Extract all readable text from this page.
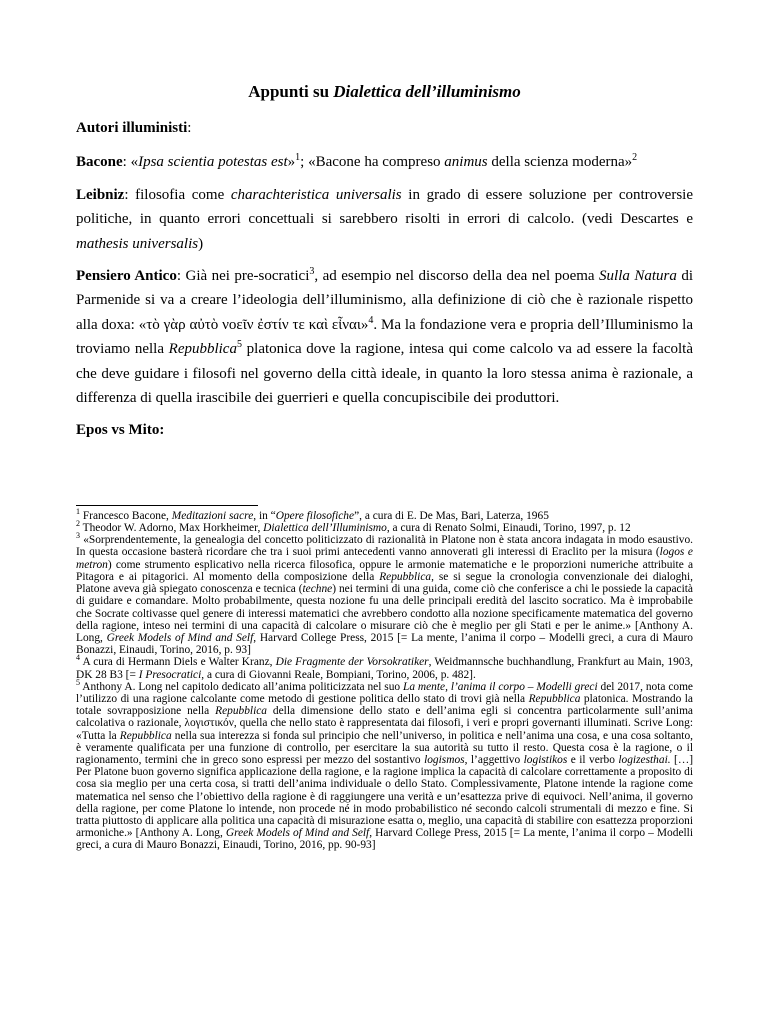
Appunti su Dialettica dell’illuminismo

Autori illuministi:

Bacone: «Ipsa scientia potestas est»$^1$; «Bacone ha compreso animus della scienza moderna»$^2$

Leibniz: filosofia come charachteristica universalis in grado di essere soluzione per controversie politiche, in quanto errori concettuali si sarebbero risolti in errori di calcolo. (vedi Descartes e mathesis universalis)

Pensiero Antico: Già nei pre-socratici$^3$, ad esempio nel discorso della dea nel poema Sulla Natura di Parmenide si va a creare l’ideologia dell’illuminismo, alla definizione di ciò che è razionale rispetto alla doxa: «τὸ γὰρ αὐτὸ νοεῖν ἐστίν τε καὶ εἶναι»$^4$. Ma la fondazione vera e propria dell’Illuminismo la troviamo nella Repubblica$^5$ platonica dove la ragione, intesa qui come calcolo va ad essere la facoltà che deve guidare i filosofi nel governo della città ideale, in quanto la loro stessa anima è razionale, a differenza di quella irascibile dei guerrieri e quella concupiscibile dei produttori.

Epos vs Mito:

$^1$ Francesco Bacone, Meditazioni sacre, in “Opere filosofiche”, a cura di E. De Mas, Bari, Laterza, 1965

$^2$ Theodor W. Adorno, Max Horkheimer, Dialettica dell’Illuminismo, a cura di Renato Solmi, Einaudi, Torino, 1997, p. 12

$^3$ «Sorprendentemente, la genealogia del concetto politicizzato di razionalità in Platone non è stata ancora indagata in modo esaustivo. In questa occasione basterà ricordare che tra i suoi primi antecedenti vanno annoverati gli interessi di Eraclito per la misura (logos e metron) come strumento esplicativo nella ricerca filosofica, oppure le armonie matematiche e le proporzioni numeriche attribuite a Pitagora e ai pitagorici. Al momento della composizione della Repubblica, se si segue la cronologia convenzionale dei dialoghi, Platone aveva già spiegato conoscenza e tecnica (techne) nei termini di una guida, come ciò che conferisce a chi le possiede la capacità di guidare e comandare. Molto probabilmente, questa nozione fu una delle principali eredità del lascito socratico. Ma è improbabile che Socrate coltivasse quel genere di interessi matematici che avrebbero condotto alla nozione specificamente matematica del governo della ragione, inteso nei termini di una capacità di calcolare o misurare ciò che è meglio per gli Stati e per le anime.» [Anthony A. Long, Greek Models of Mind and Self, Harvard College Press, 2015 [= La mente, l’anima il corpo – Modelli greci, a cura di Mauro Bonazzi, Einaudi, Torino, 2016, p. 93]

$^4$ A cura di Hermann Diels e Walter Kranz, Die Fragmente der Vorsokratiker, Weidmannsche buchhandlung, Frankfurt au Main, 1903, DK 28 B3 [= I Presocratici, a cura di Giovanni Reale, Bompiani, Torino, 2006, p. 482].

$^5$ Anthony A. Long nel capitolo dedicato all’anima politicizzata nel suo La mente, l’anima il corpo – Modelli greci del 2017, nota come l’utilizzo di una ragione calcolante come metodo di gestione politica dello stato di trovi già nella Repubblica platonica. Mostrando la totale sovrapposizione nella Repubblica della dimensione dello stato e dell’anima egli si concentra particolarmente sull’anima calcolativa o razionale, λογιστικόν, quella che nello stato è rappresentata dai filosofi, i veri e propri governanti illuminati. Scrive Long: «Tutta la Repubblica nella sua interezza si fonda sul principio che nell’universo, in politica e nell’anima una cosa, e una cosa soltanto, è veramente qualificata per una funzione di controllo, per esercitare la sua autorità su tutto il resto. Questa cosa è la ragione, o il ragionamento, termini che in greco sono espressi per mezzo del sostantivo logismos, l’aggettivo logistikos e il verbo logizesthai. […] Per Platone buon governo significa applicazione della ragione, e la ragione implica la capacità di calcolare correttamente a proposito di cosa sia meglio per una certa cosa, si tratti dell’anima individuale o dello Stato. Complessivamente, Platone intende la ragione come matematica nel senso che l’obiettivo della ragione è di raggiungere una verità e un’esattezza prive di equivoci. Nell’anima, il governo della ragione, per come Platone lo intende, non procede né in modo probabilistico né secondo calcoli strumentali di mezzo e fine. Si tratta piuttosto di applicare alla politica una capacità di misurazione esatta o, meglio, una capacità di stabilire con esattezza proporzioni armoniche.» [Anthony A. Long, Greek Models of Mind and Self, Harvard College Press, 2015 [= La mente, l’anima il corpo – Modelli greci, a cura di Mauro Bonazzi, Einaudi, Torino, 2016, pp. 90-93]
